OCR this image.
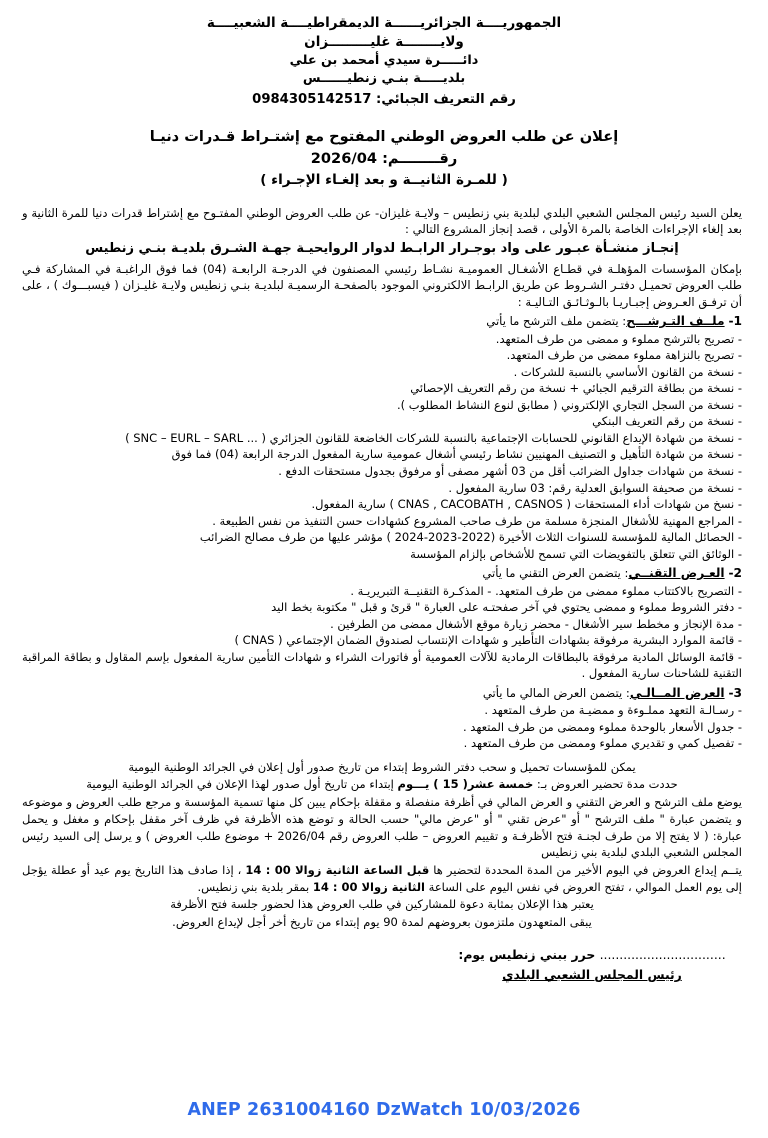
الجمهوريــــة الجزائريــــــة الديمقراطيــــة الشعبيــــة
ولايــــــــة غليـــــــــزان
دائـــــرة سيدي أمحمد بن علي
بلديـــــة بنـي زنطيــــــس
رقم التعريف الجبائي: 0984305142517
إعلان عن طلب العروض الوطني المفتوح مع إشتـراط قـدرات دنيـا
رقــــــــم: 2026/04
( للمـرة الثانيــة و بعد إلغـاء الإجـراء )

يعلن السيد رئيس المجلس الشعبي البلدي لبلدية بني زنطيس – ولايـة غليزان- عن طلب العروض الوطني المفتـوح مع إشتراط قدرات دنيا للمرة الثانية و بعد إلغاء الإجراءات الخاصة بالمرة الأولى ، قصد إنجاز المشروع التالي :

إنجـاز منشـأة عبـور على واد بوجـرار الرابـط لدوار الروايحيـة جهـة الشـرق بلديـة بنـي زنطيس

بإمكان المؤسسات المؤهلـة في قطـاع الأشغـال العموميـة نشـاط رئيسي المصنفون في الدرجـة الرابعـة (04) فما فوق الراغبـة في المشاركة فـي طلب العروض تحميـل دفتـر الشـروط عن طريق الرابـط الالكتروني الموجود بالصفحـة الرسميـة لبلديـة بنـي زنطيس ولايـة غليـزان ( فيسبـــوك ) ، على أن ترفـق العـروض إجبـاريـا بالـوثـائـق التـاليـة :

1- ملــف التـرشـــح: يتضمن ملف الترشح ما يأتي
- تصريح بالترشح مملوء و ممضى من طرف المتعهد.
- تصريح بالنزاهة مملوء ممضى من طرف المتعهد.
- نسخة من القانون الأساسي بالنسبة للشركات .
- نسخة من بطاقة الترقيم الجبائي + نسخة من رقم التعريف الإحصائي
- نسخة من السجل التجاري الإلكتروني ( مطابق لنوع النشاط المطلوب ).
- نسخة من رقم التعريف البنكي
- نسخة من شهادة الإيداع القانوني للحسابات الإجتماعية بالنسبة للشركات الخاضعة للقانون الجزائري ( ... SNC – EURL – SARL )
- نسخة من شهادة التأهيل و التصنيف المهنيين نشاط رئيسي أشغال عمومية سارية المفعول الدرجة الرابعة (04) فما فوق
- نسخة من شهادات جداول الضرائب أقل من 03 أشهر مصفى أو مرفوق بجدول مستحقات الدفع .
- نسخة من صحيفة السوابق العدلية رقم: 03 سارية المفعول .
- نسخ من شهادات أداء المستحقات ( CNAS , CACOBATH , CASNOS ) سارية المفعول.
- المراجع المهنية للأشغال المنجزة مسلمة من طرف صاحب المشروع كشهادات حسن التنفيذ من نفس الطبيعة .
- الحصائل المالية للمؤسسة للسنوات الثلاث الأخيرة (2022-2023-2024 ) مؤشر عليها من طرف مصالح الضرائب
- الوثائق التي تتعلق بالتفويضات التي تسمح للأشخاص بإلزام المؤسسة
2- العـرض التقنــي: يتضمن العرض التقني ما يأتي
- التصريح بالاكتتاب مملوء ممضى من طرف المتعهد. - المذكـرة التقنيــة التبريريـة .
- دفتر الشروط مملوء و ممضى يحتوي في آخر صفحتـه على العبارة " قرئ و قبل " مكتوبة بخط اليد
- مدة الإنجاز و مخطط سير الأشغال - محضر زيارة موقع الأشغال ممضى من الطرفين .
- قائمة الموارد البشرية مرفوقة بشهادات التأطير و شهادات الإنتساب لصندوق الضمان الإجتماعي ( CNAS )
- قائمة الوسائل المادية مرفوقة بالبطاقات الرمادية للآلات العمومية أو فاتورات الشراء و شهادات التأمين سارية المفعول بإسم المقاول و بطاقة المراقبة التقنية للشاحنات سارية المفعول .
3- العرض المــالـي: يتضمن العرض المالي ما يأتي
- رسـالـة التعهد مملـوءة و ممضيـة من طرف المتعهد .
- جدول الأسعار بالوحدة مملوء وممضى من طرف المتعهد .
- تفصيل كمي و تقديري مملوء وممضى من طرف المتعهد .

يمكن للمؤسسات تحميل و سحب دفتر الشروط إبتداء من تاريخ صدور أول إعلان في الجرائد الوطنية اليومية

حددت مدة تحضير العروض بـ: خمسة عشر( 15 ) يـــوم إبتداء من تاريخ أول صدور لهذا الإعلان في الجرائد الوطنية اليومية

يوضع ملف الترشح و العرض التقني و العرض المالي في أظرفة منفصلة و مقفلة بإحكام يبين كل منها تسمية المؤسسة و مرجع طلب العروض و موضوعه و يتضمن عبارة " ملف الترشح " أو "عرض تقني " أو "عرض مالي" حسب الحالة و توضع هذه الأظرفة في ظرف آخر مقفل بإحكام و مغفل و يحمل عبارة: ( لا يفتح إلا من طرف لجنـة فتح الأظرفـة و تقييم العروض – طلب العروض رقم 2026/04 + موضوع طلب العروض ) و يرسل إلى السيد رئيس المجلس الشعبي البلدي لبلدية بني زنطيس

يتــم إيداع العروض في اليوم الأخير من المدة المحددة لتحضير ها قبل الساعة الثانية زوالا 00 : 14 ، إذا صادف هذا التاريخ يوم عيد أو عطلة يؤجل إلى يوم العمل الموالي ، تفتح العروض في نفس اليوم على الساعة الثانية زوالا 00 : 14 بمقر بلدية بني زنطيس.

يعتبر هذا الإعلان بمثابة دعوة للمشاركين في طلب العروض هذا لحضور جلسة فتح الأظرفة

يبقى المتعهدون ملتزمون بعروضهم لمدة 90 يوم إبتداء من تاريخ أخر أجل لإيداع العروض.

................................ حرر ببني زنطيس يوم:
رئيس المجلس الشعبي البلدي
ANEP 2631004160 DzWatch 10/03/2026
